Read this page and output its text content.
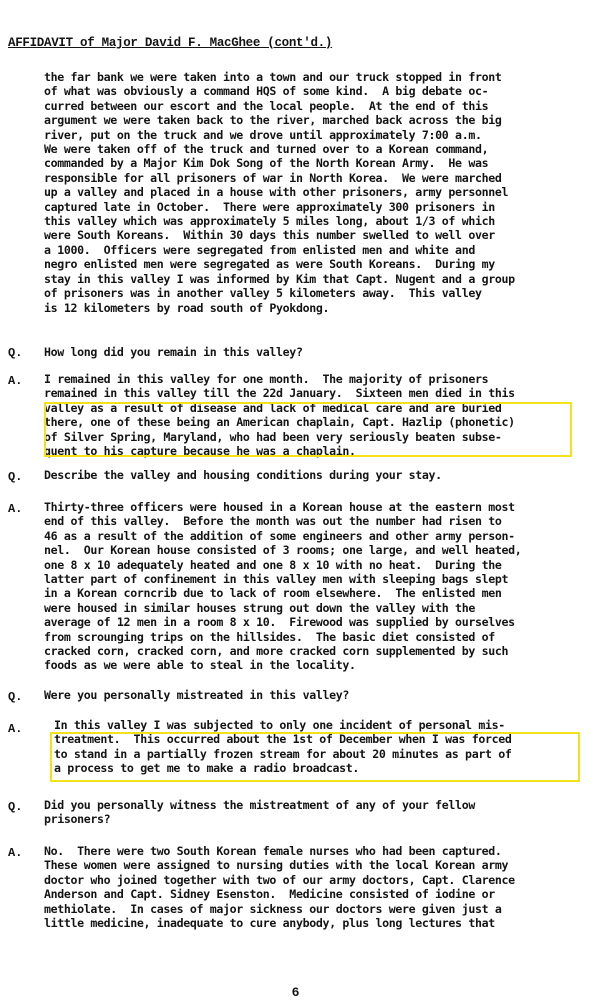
AFFIDAVIT of Major David F. MacGhee (cont'd.)
the far bank we were taken into a town and our truck stopped in front
of what was obviously a command HQS of some kind.  A big debate oc-
curred between our escort and the local people.  At the end of this
argument we were taken back to the river, marched back across the big
river, put on the truck and we drove until approximately 7:00 a.m.
We were taken off of the truck and turned over to a Korean command,
commanded by a Major Kim Dok Song of the North Korean Army.  He was
responsible for all prisoners of war in North Korea.  We were marched
up a valley and placed in a house with other prisoners, army personnel
captured late in October.  There were approximately 300 prisoners in
this valley which was approximately 5 miles long, about 1/3 of which
were South Koreans.  Within 30 days this number swelled to well over
a 1000.  Officers were segregated from enlisted men and white and
negro enlisted men were segregated as were South Koreans.  During my
stay in this valley I was informed by Kim that Capt. Nugent and a group
of prisoners was in another valley 5 kilometers away.  This valley
is 12 kilometers by road south of Pyokdong.
Q. How long did you remain in this valley?
A. I remained in this valley for one month.  The majority of prisoners
remained in this valley till the 22d January.  Sixteen men died in this
valley as a result of disease and lack of medical care and are buried
there, one of these being an American chaplain, Capt. Hazlip (phonetic)
of Silver Spring, Maryland, who had been very seriously beaten subse-
quent to his capture because he was a chaplain.
Q. Describe the valley and housing conditions during your stay.
A. Thirty-three officers were housed in a Korean house at the eastern most
end of this valley.  Before the month was out the number had risen to
46 as a result of the addition of some engineers and other army person-
nel.  Our Korean house consisted of 3 rooms; one large, and well heated,
one 8 x 10 adequately heated and one 8 x 10 with no heat.  During the
latter part of confinement in this valley men with sleeping bags slept
in a Korean corncrib due to lack of room elsewhere.  The enlisted men
were housed in similar houses strung out down the valley with the
average of 12 men in a room 8 x 10.  Firewood was supplied by ourselves
from scrounging trips on the hillsides.  The basic diet consisted of
cracked corn, cracked corn, and more cracked corn supplemented by such
foods as we were able to steal in the locality.
Q. Were you personally mistreated in this valley?
A.	In this valley I was subjected to only one incident of personal mis-
treatment.  This occurred about the 1st of December when I was forced
to stand in a partially frozen stream for about 20 minutes as part of
a process to get me to make a radio broadcast.
Q. Did you personally witness the mistreatment of any of your fellow
prisoners?
A. No.  There were two South Korean female nurses who had been captured.
These women were assigned to nursing duties with the local Korean army
doctor who joined together with two of our army doctors, Capt. Clarence
Anderson and Capt. Sidney Esenston.  Medicine consisted of iodine or
methiolate.  In cases of major sickness our doctors were given just a
little medicine, inadequate to cure anybody, plus long lectures that
6
